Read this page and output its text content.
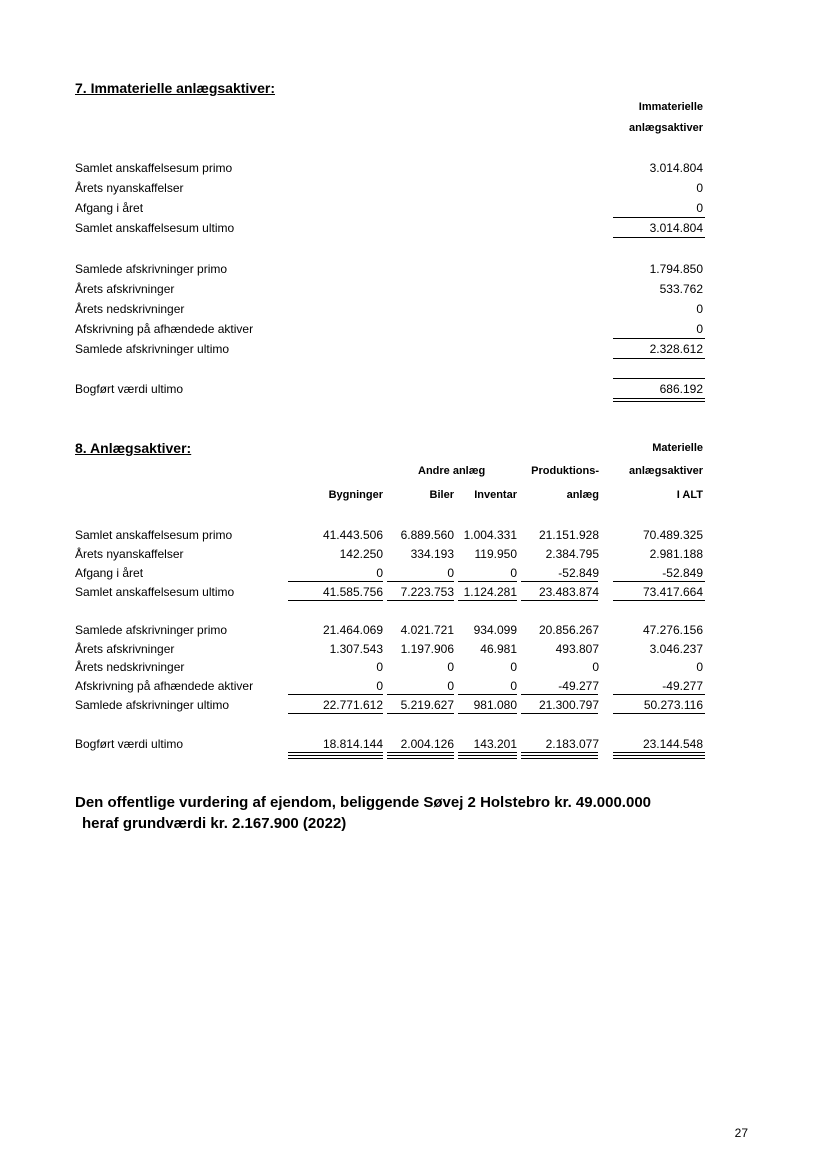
7. Immaterielle anlægsaktiver:
Immaterielle
anlægsaktiver
Samlet anskaffelsesum primo	3.014.804
Årets nyanskaffelser	0
Afgang i året	0
Samlet anskaffelsesum ultimo	3.014.804
Samlede afskrivninger primo	1.794.850
Årets afskrivninger	533.762
Årets nedskrivninger	0
Afskrivning på afhændede aktiver	0
Samlede afskrivninger ultimo	2.328.612
Bogført værdi ultimo	686.192
8. Anlægsaktiver:	Materielle
Andre anlæg	Produktions-	anlægsaktiver
Bygninger	Biler Inventar	anlæg	I ALT
Samlet anskaffelsesum primo	41.443.506 6.889.560 1.004.331 21.151.928	70.489.325
Årets nyanskaffelser	142.250 334.193 119.950 2.384.795	2.981.188
Afgang i året	0	0	0	-52.849	-52.849
Samlet anskaffelsesum ultimo	41.585.756 7.223.753 1.124.281 23.483.874	73.417.664
Samlede afskrivninger primo	21.464.069 4.021.721 934.099 20.856.267	47.276.156
Årets afskrivninger	1.307.543 1.197.906 46.981	493.807	3.046.237
Årets nedskrivninger	0	0	0	0	0
Afskrivning på afhændede aktiver	0	0	0	-49.277	-49.277
Samlede afskrivninger ultimo	22.771.612 5.219.627 981.080 21.300.797	50.273.116
Bogført værdi ultimo	18.814.144 2.004.126 143.201 2.183.077	23.144.548
Den offentlige vurdering af ejendom, beliggende Søvej 2 Holstebro kr. 49.000.000
heraf grundværdi kr. 2.167.900 (2022)
27
